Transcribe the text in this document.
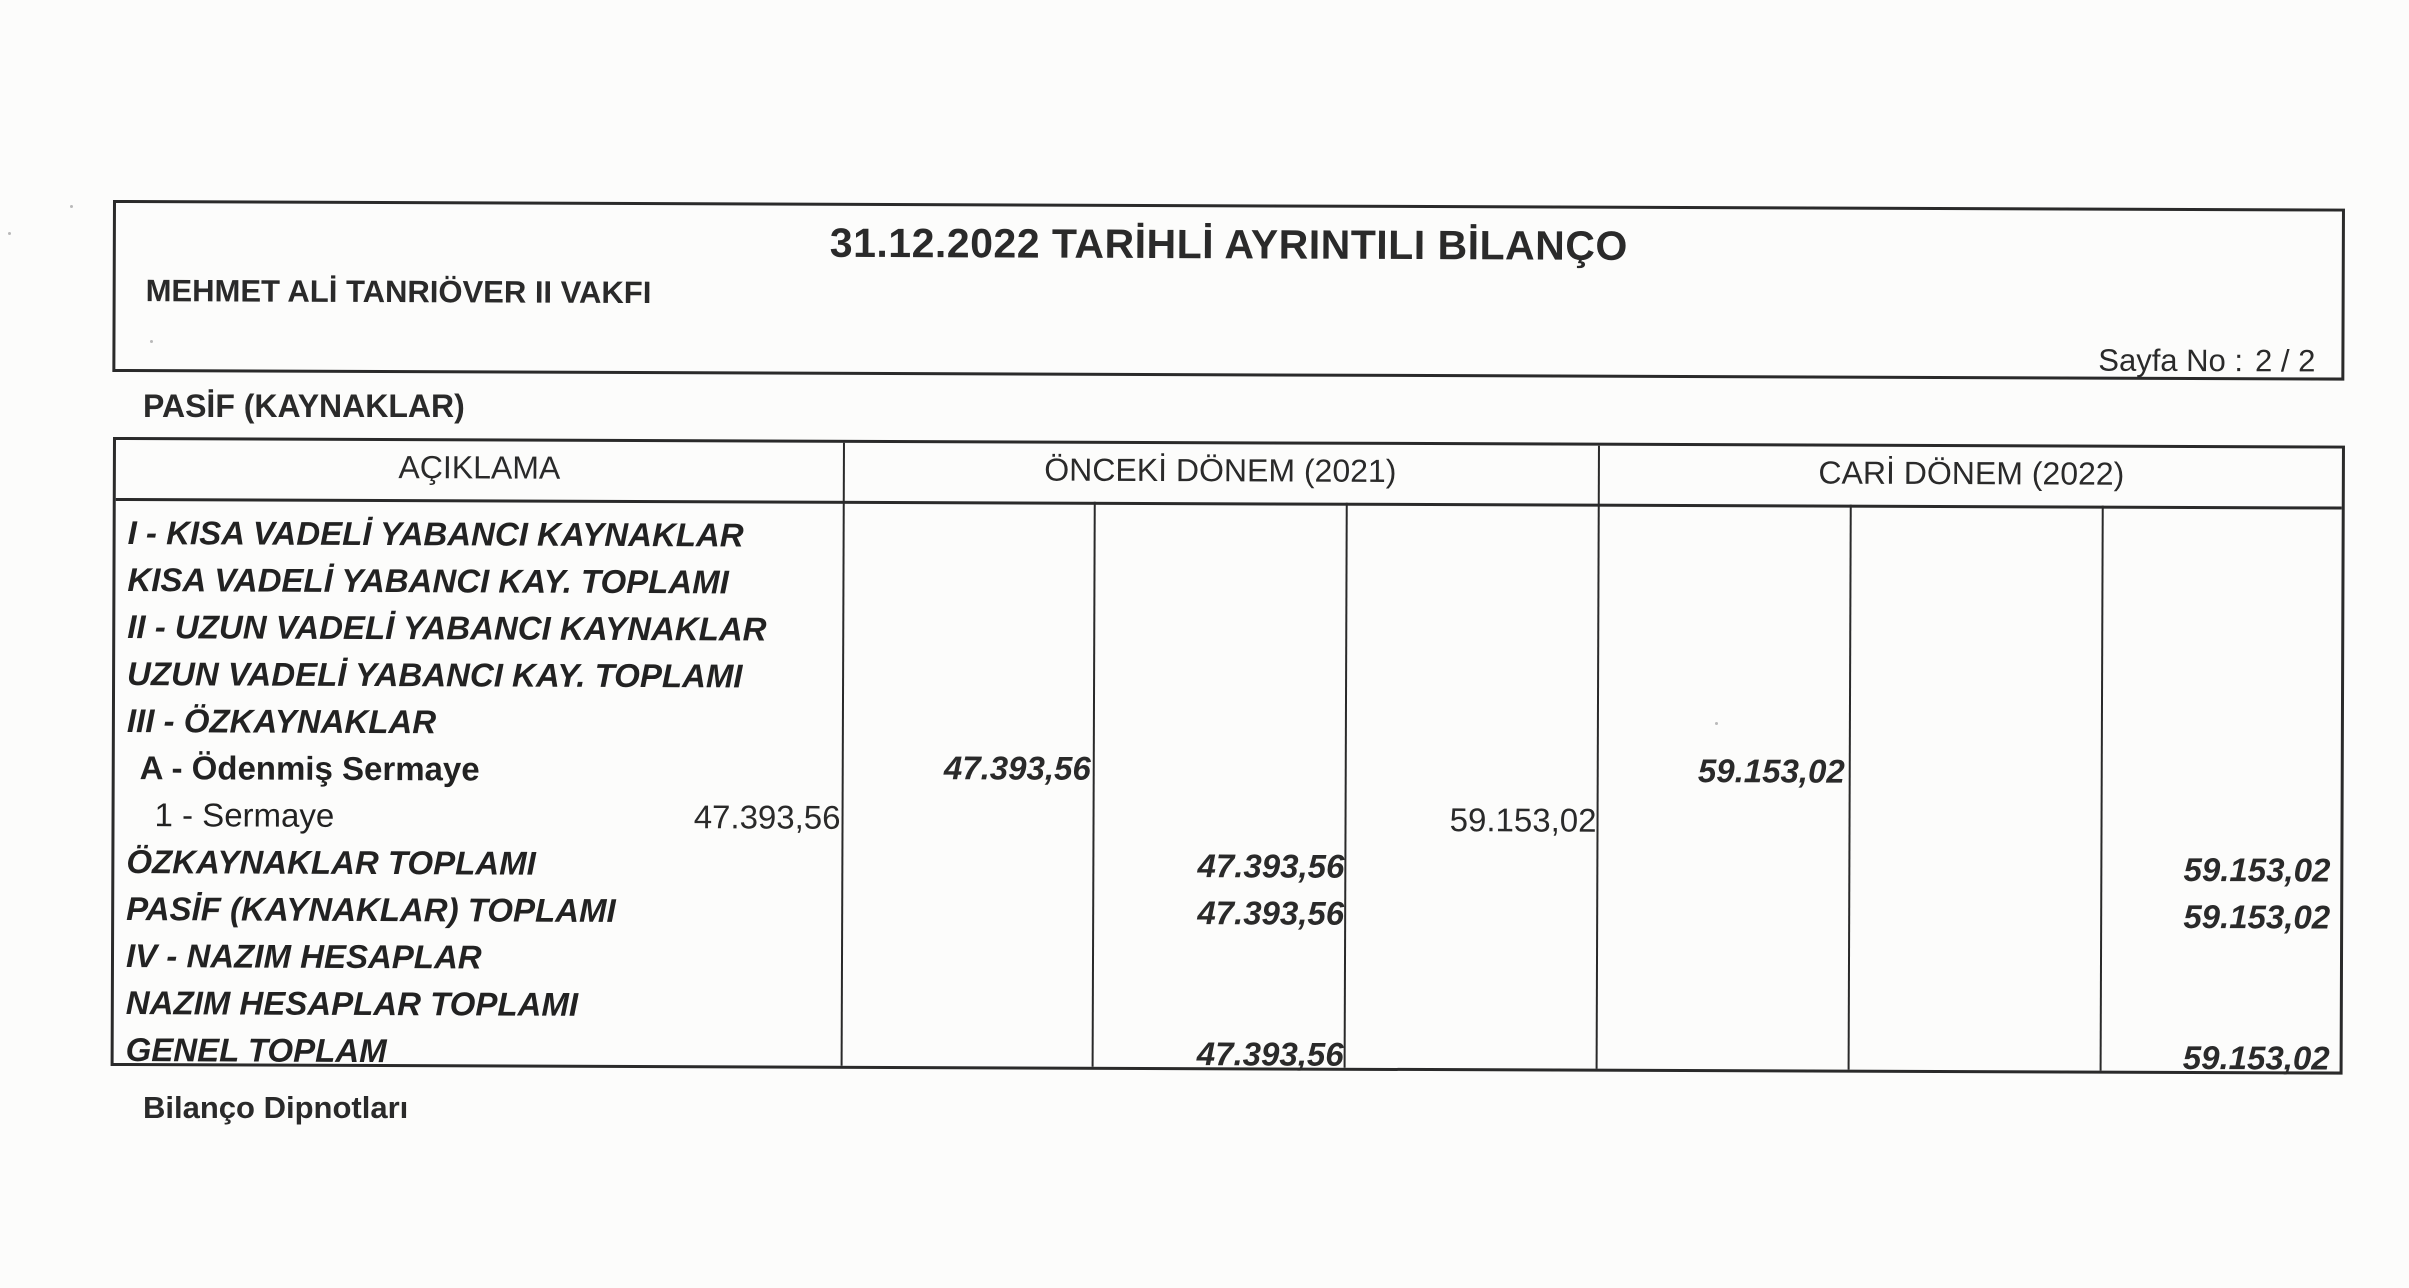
31.12.2022 TARİHLİ AYRINTILI BİLANÇO
MEHMET ALİ TANRIÖVER II VAKFI
Sayfa No : 2 / 2
PASİF (KAYNAKLAR)
AÇIKLAMA	ÖNCEKİ DÖNEM (2021)	CARİ DÖNEM (2022)
I - KISA VADELİ YABANCI KAYNAKLAR
KISA VADELİ YABANCI KAY. TOPLAMI
II - UZUN VADELİ YABANCI KAYNAKLAR
UZUN VADELİ YABANCI KAY. TOPLAMI
III - ÖZKAYNAKLAR
A - Ödenmiş Sermaye
1 - Sermaye
ÖZKAYNAKLAR TOPLAMI
PASİF (KAYNAKLAR) TOPLAMI
IV - NAZIM HESAPLAR
NAZIM HESAPLAR TOPLAMI
GENEL TOPLAM
47.393,56
47.393,56
47.393,56
47.393,56
47.393,56
59.153,02
59.153,02
59.153,02
59.153,02
59.153,02
Bilanço Dipnotları
